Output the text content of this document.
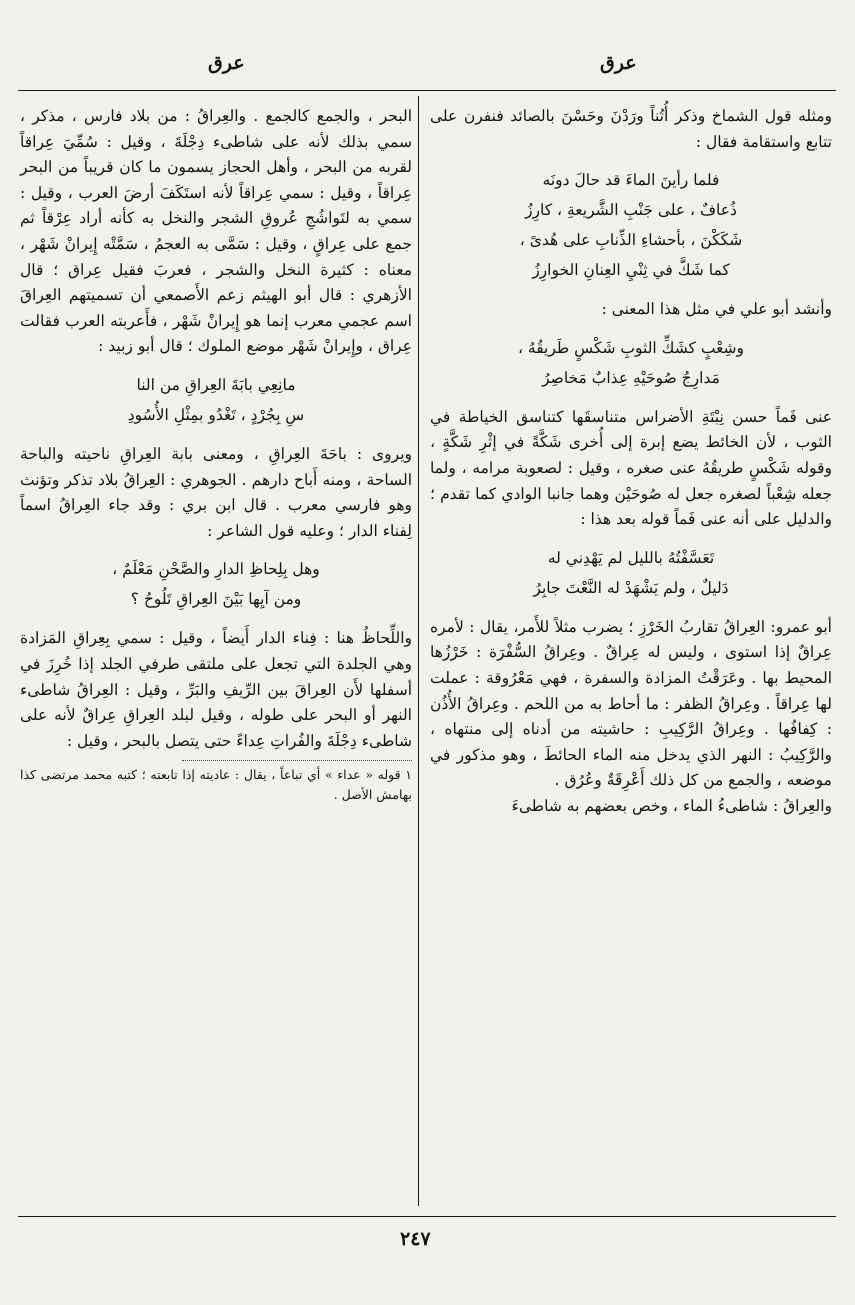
عرق
عرق

ومثله قول الشماخ وذكر أُتُناً ورَدْنَ وحَسْنَ بالصائد فنفرن على تتابع واستقامة فقال :

فلما رأينَ الماءَ قد حالَ دونَه
ذُعافٌ ، على جَنْبِ الشَّريعةِ ، كارِزُ
شَكَكْنَ ، بأحشاءِ الذِّنابِ على هُدىً ،
كما شَكَّ في ثِنْيِ العِنانِ الخوارِزُ

وأنشد أبو علي في مثل هذا المعنى :

وشِعْبٍ كشَكِّ الثوبِ شَكْسٍ طَريقُهُ ،
مَدارِجُ صُوحَيْهِ عِذابٌ مَخاصِرُ

عنى فَماً حسن نِبْتَةِ الأضراس متناسقَها كتناسق الخياطة في الثوب ، لأن الخائط يضع إبرة إلى أُخرى شَكَّةً في إثْرِ شَكَّةٍ ، وقوله شَكْسٍ طريقُهُ عنى صغره ، وقيل : لصعوبة مرامه ، ولما جعله شِعْباً لصغره جعل له صُوحَيْن وهما جانبا الوادي كما تقدم ؛ والدليل على أنه عنى فَماً قوله بعد هذا :

تَعَسَّفْتُهُ بالليل لم يَهْدِني له
دَليلٌ ، ولم يَشْهَدْ له النَّعْتَ جابِرُ

أبو عمرو: العِراقُ تقاربُ الخَرْزِ ؛ يضرب مثلاً للأَمر، يقال : لأمره عِراقٌ إذا استوى ، وليس له عِراقٌ . وعِراقُ السُّفْرَة : خَرْزُها المحيط بها . وعَرَقْتُ المزادة والسفرة ، فهي مَعْرُوقة : عملت لها عِراقاً . وعِراقُ الظفر : ما أحاط به من اللحم . وعِراقُ الأُذُن : كِفافُها . وعِراقُ الرَّكِيبِ : حاشيته من أدناه إلى منتهاه ، والرَّكِيبُ : النهر الذي يدخل منه الماء الحائطَ ، وهو مذكور في موضعه ، والجمع من كل ذلك أَعْرِقَةٌ وعُرُق .

والعِراقُ : شاطىءُ الماء ، وخص بعضهم به شاطىءَ

البحر ، والجمع كالجمع . والعِراقُ : من بلاد فارس ، مذكر ، سمي بذلك لأنه على شاطىء دِجْلَةَ ، وقيل : سُمِّيَ عِراقاً لقربه من البحر ، وأهل الحجاز يسمون ما كان قريباً من البحر عِراقاً ، وقيل : سمي عِراقاً لأنه استَكَفَ أرضَ العرب ، وقيل : سمي به لتَواشُجِ عُروقِ الشجر والنخل به كأنه أراد عِرْقاً ثم جمع على عِراقٍ ، وقيل : سَمَّى به العجمُ ، سَمَّتْه إِيرانْ شَهْر ، معناه : كثيرة النخل والشجر ، فعربَ فقيل عِراق ؛ قال الأزهري : قال أبو الهيثم زعم الأَصمعي أن تسميتهم العِراقَ اسم عجمي معرب إنما هو إِيرانْ شَهْر ، فأَعربته العرب فقالت عِراق ، وإِيرانْ شَهْر موضع الملوك ؛ قال أبو زبيد :

مانِعِي بابَةَ العِراقِ من النا
سِ بِجُرْدٍ ، تَغْدُو بمِثْلِ الأُسُودِ

ويروى : باحَةَ العِراقِ ، ومعنى بابة العِراقِ ناحيته والباحة الساحة ، ومنه أَباح دارهم . الجوهري : العِراقُ بلاد تذكر وتؤنث وهو فارسي معرب . قال ابن بري : وقد جاء العِراقُ اسماً لِفناء الدار ؛ وعليه قول الشاعر :

وهل بِلِحاظِ الدارِ والصَّحْنِ مَعْلَمٌ ،
ومن آيِها بَيْنَ العِراقِ تَلُوحُ ؟

واللِّحاظُ هنا : فِناء الدار أَيضاً ، وقيل : سمي بِعِراقِ المَزادة وهي الجلدة التي تجعل على ملتقى طرفي الجلد إذا خُرِزَ في أسفلها لأَن العِراقَ بين الرِّيفِ والبَرِّ ، وقيل : العِراقُ شاطىء النهر أو البحر على طوله ، وقيل لبلد العِراقِ عِراقٌ لأنه على شاطىء دِجْلَةَ والفُراتِ عِداءً حتى يتصل بالبحر ، وقيل :

١ قوله « عداء » أي تباعاً ، يقال : عاديته إذا تابعته ؛ كتبه محمد مرتضى كذا بهامش الأصل .

٢٤٧
